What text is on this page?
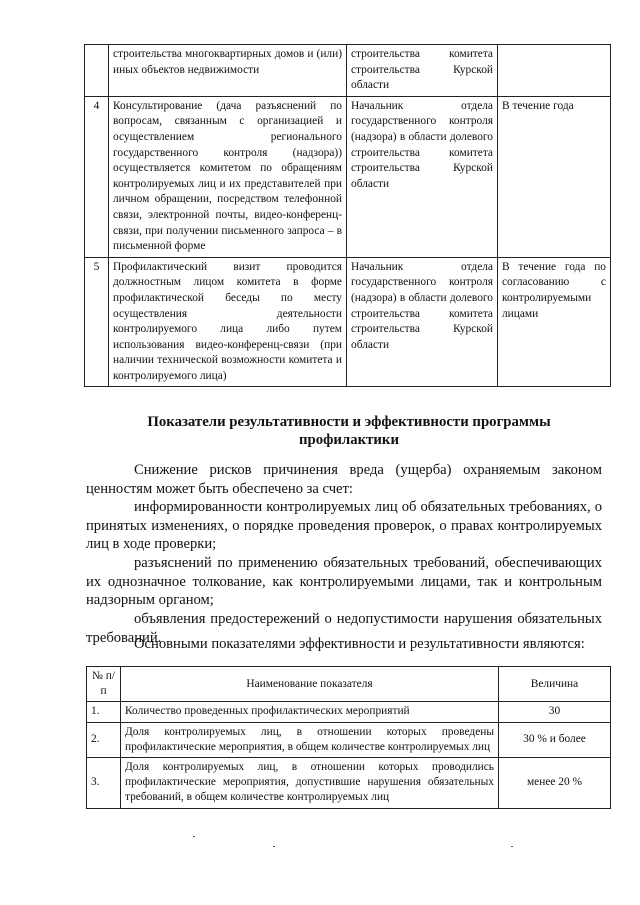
	строительства многоквартирных домов и (или) иных объектов недвижимости	строительства комитета строительства Курской области	
4	Консультирование (дача разъяснений по вопросам, связанным с организацией и осуществлением регионального государственного контроля (надзора)) осуществляется комитетом по обращениям контролируемых лиц и их представителей при личном обращении, посредством телефонной связи, электронной почты, видео-конференц-связи, при получении письменного запроса – в письменной форме	Начальник отдела государственного контроля (надзора) в области долевого строительства комитета строительства Курской области	В течение года
5	Профилактический визит проводится должностным лицом комитета в форме профилактической беседы по месту осуществления деятельности контролируемого лица либо путем использования видео-конференц-связи (при наличии технической возможности комитета и контролируемого лица)	Начальник отдела государственного контроля (надзора) в области долевого строительства комитета строительства Курской области	В течение года по согласованию с контролируемыми лицами
Показатели результативности и эффективности программы профилактики

Снижение рисков причинения вреда (ущерба) охраняемым законом ценностям может быть обеспечено за счет:

информированности контролируемых лиц об обязательных требованиях, о принятых изменениях, о порядке проведения проверок, о правах контролируемых лиц в ходе проверки;

разъяснений по применению обязательных требований, обеспечивающих их однозначное толкование, как контролируемыми лицами, так и контрольным надзорным органом;

объявления предостережений о недопустимости нарушения обязательных требований.

Основными показателями эффективности и результативности являются:

№ п/п	Наименование показателя	Величина
1.	Количество проведенных профилактических мероприятий	30
2.	Доля контролируемых лиц, в отношении которых проведены профилактические мероприятия, в общем количестве контролируемых лиц	30 % и более
3.	Доля контролируемых лиц, в отношении которых проводились профилактические мероприятия, допустившие нарушения обязательных требований, в общем количестве контролируемых лиц	менее 20 %
